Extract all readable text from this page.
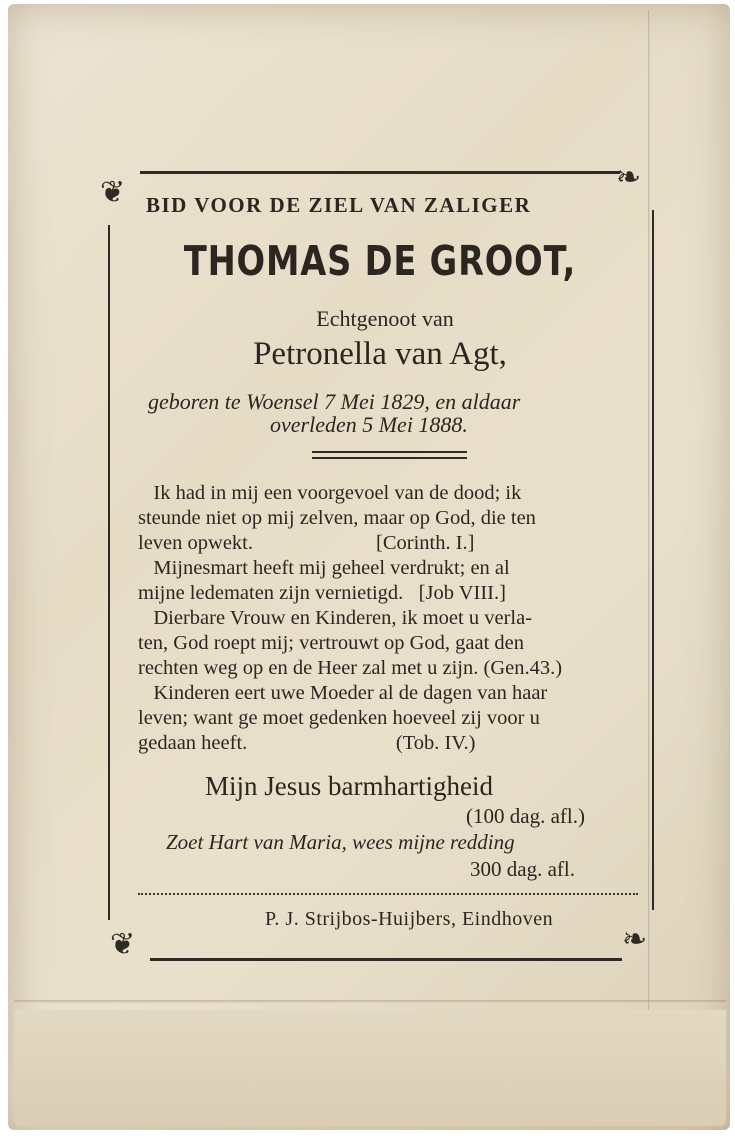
❦	❧
❦	❧
BID VOOR DE ZIEL VAN ZALIGER
THOMAS DE GROOT,
Echtgenoot van
Petronella van Agt,
geboren te Woensel 7 Mei 1829, en aldaar
overleden 5 Mei 1888.
Ik had in mij een voorgevoel van de dood; ik
steunde niet op mij zelven, maar op God, die ten
leven opwekt.                        [Corinth. I.]
Mijnesmart heeft mij geheel verdrukt; en al
mijne ledematen zijn vernietigd.   [Job VIII.]
Dierbare Vrouw en Kinderen, ik moet u verla-
ten, God roept mij; vertrouwt op God, gaat den
rechten weg op en de Heer zal met u zijn. (Gen.43.)
Kinderen eert uwe Moeder al de dagen van haar
leven; want ge moet gedenken hoeveel zij voor u
gedaan heeft.                             (Tob. IV.)
Mijn Jesus barmhartigheid
(100 dag. afl.)
Zoet Hart van Maria, wees mijne redding
300 dag. afl.
P. J. Strijbos-Huijbers, Eindhoven
